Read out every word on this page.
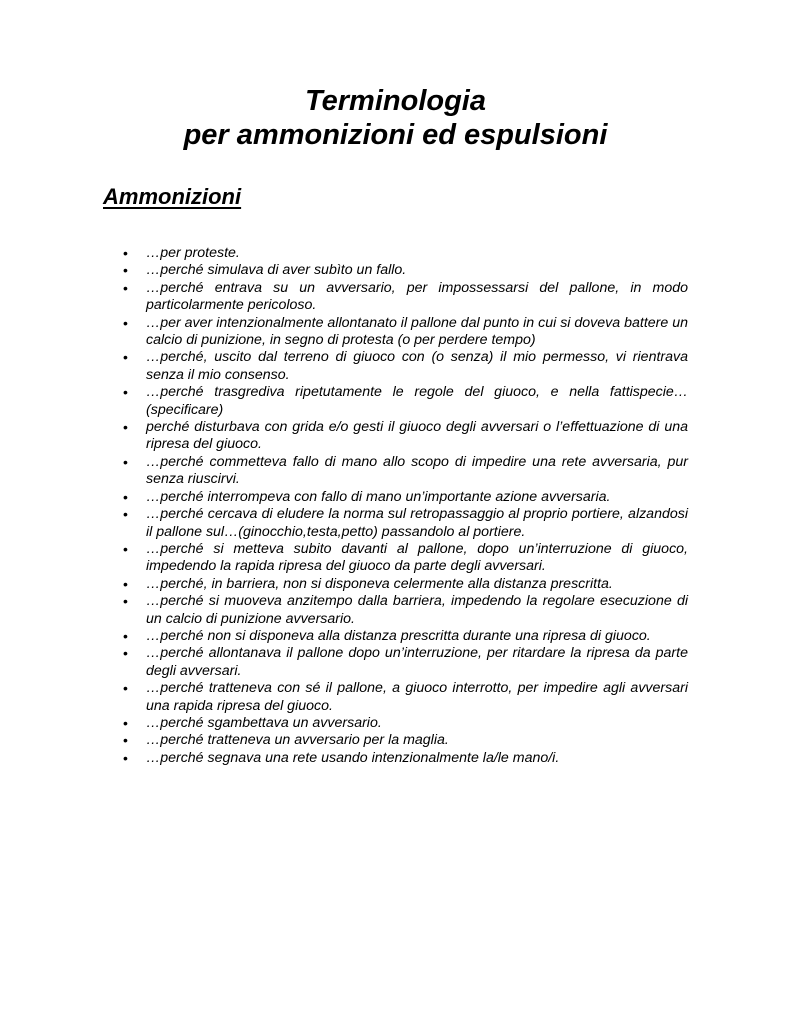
Terminologia
per ammonizioni ed espulsioni
Ammonizioni
• …per proteste.
• …perché simulava di aver subìto un fallo.
• …perché entrava su un avversario, per impossessarsi del pallone, in modo particolarmente pericoloso.
• …per aver intenzionalmente allontanato il pallone dal punto in cui si doveva battere un calcio di punizione, in segno di protesta (o per perdere tempo)
• …perché, uscito dal terreno di giuoco con (o senza) il mio permesso, vi rientrava senza il mio consenso.
• …perché trasgrediva ripetutamente le regole del giuoco, e nella fattispecie…(specificare)
• perché disturbava con grida e/o gesti il giuoco degli avversari o l’effettuazione di una ripresa del giuoco.
• …perché commetteva fallo di mano allo scopo di impedire una rete avversaria, pur senza riuscirvi.
• …perché interrompeva con fallo di mano un’importante azione avversaria.
• …perché cercava di eludere la norma sul retropassaggio al proprio portiere, alzandosi il pallone sul…(ginocchio,testa,petto) passandolo al portiere.
• …perché si metteva subito davanti al pallone, dopo un’interruzione di giuoco, impedendo la rapida ripresa del giuoco da parte degli avversari.
• …perché, in barriera, non si disponeva celermente alla distanza prescritta.
• …perché si muoveva anzitempo dalla barriera, impedendo la regolare esecuzione di un calcio di punizione avversario.
• …perché non si disponeva alla distanza prescritta durante una ripresa di giuoco.
• …perché allontanava il pallone dopo un’interruzione, per ritardare la ripresa da parte degli avversari.
• …perché tratteneva con sé il pallone, a giuoco interrotto, per impedire agli avversari una rapida ripresa del giuoco.
• …perché sgambettava un avversario.
• …perché tratteneva un avversario per la maglia.
• …perché segnava una rete usando intenzionalmente la/le mano/i.
